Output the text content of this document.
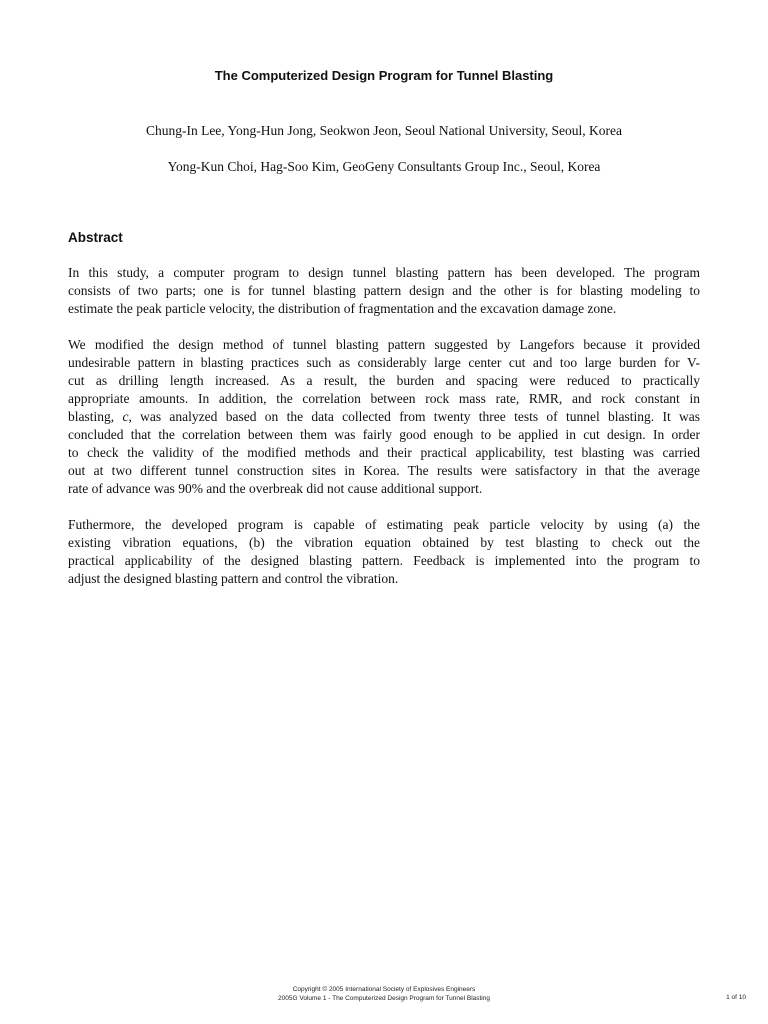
The Computerized Design Program for Tunnel Blasting
Chung-In Lee, Yong-Hun Jong, Seokwon Jeon, Seoul National University, Seoul, Korea
Yong-Kun Choi, Hag-Soo Kim, GeoGeny Consultants Group Inc., Seoul, Korea
Abstract
In this study, a computer program to design tunnel blasting pattern has been developed. The program
consists of two parts; one is for tunnel blasting pattern design and the other is for blasting modeling to
estimate the peak particle velocity, the distribution of fragmentation and the excavation damage zone.
We modified the design method of tunnel blasting pattern suggested by Langefors because it provided
undesirable pattern in blasting practices such as considerably large center cut and too large burden for V-
cut as drilling length increased. As a result, the burden and spacing were reduced to practically
appropriate amounts. In addition, the correlation between rock mass rate, RMR, and rock constant in
blasting, c, was analyzed based on the data collected from twenty three tests of tunnel blasting. It was
concluded that the correlation between them was fairly good enough to be applied in cut design. In order
to check the validity of the modified methods and their practical applicability, test blasting was carried
out at two different tunnel construction sites in Korea. The results were satisfactory in that the average
rate of advance was 90% and the overbreak did not cause additional support.
Futhermore, the developed program is capable of estimating peak particle velocity by using (a) the
existing vibration equations, (b) the vibration equation obtained by test blasting to check out the
practical applicability of the designed blasting pattern. Feedback is implemented into the program to
adjust the designed blasting pattern and control the vibration.
Copyright © 2005 International Society of Explosives Engineers
2005G Volume 1 - The Computerized Design Program for Tunnel Blasting	1 of 10
